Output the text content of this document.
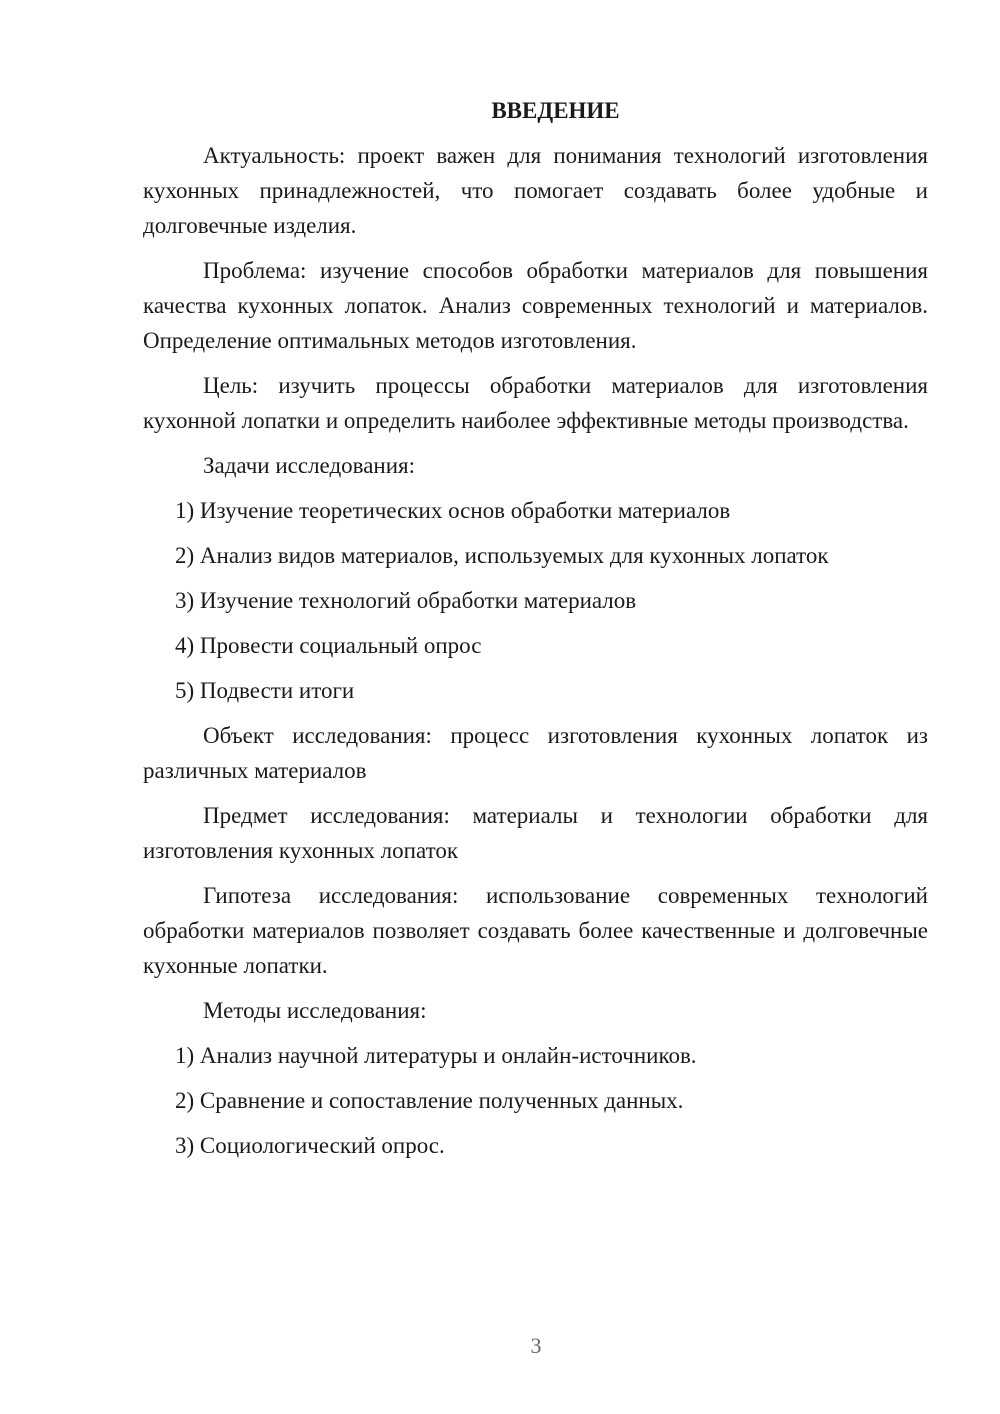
ВВЕДЕНИЕ

Актуальность: проект важен для понимания технологий изготовления кухонных принадлежностей, что помогает создавать более удобные и долговечные изделия.

Проблема: изучение способов обработки материалов для повышения качества кухонных лопаток. Анализ современных технологий и материалов. Определение оптимальных методов изготовления.

Цель: изучить процессы обработки материалов для изготовления кухонной лопатки и определить наиболее эффективные методы производства.

Задачи исследования:

1) Изучение теоретических основ обработки материалов
2) Анализ видов материалов, используемых для кухонных лопаток
3) Изучение технологий обработки материалов
4) Провести социальный опрос
5) Подвести итоги

Объект исследования: процесс изготовления кухонных лопаток из различных материалов

Предмет исследования: материалы и технологии обработки для изготовления кухонных лопаток

Гипотеза исследования: использование современных технологий обработки материалов позволяет создавать более качественные и долговечные кухонные лопатки.

Методы исследования:

1) Анализ научной литературы и онлайн-источников.
2) Сравнение и сопоставление полученных данных.
3) Социологический опрос.
3
